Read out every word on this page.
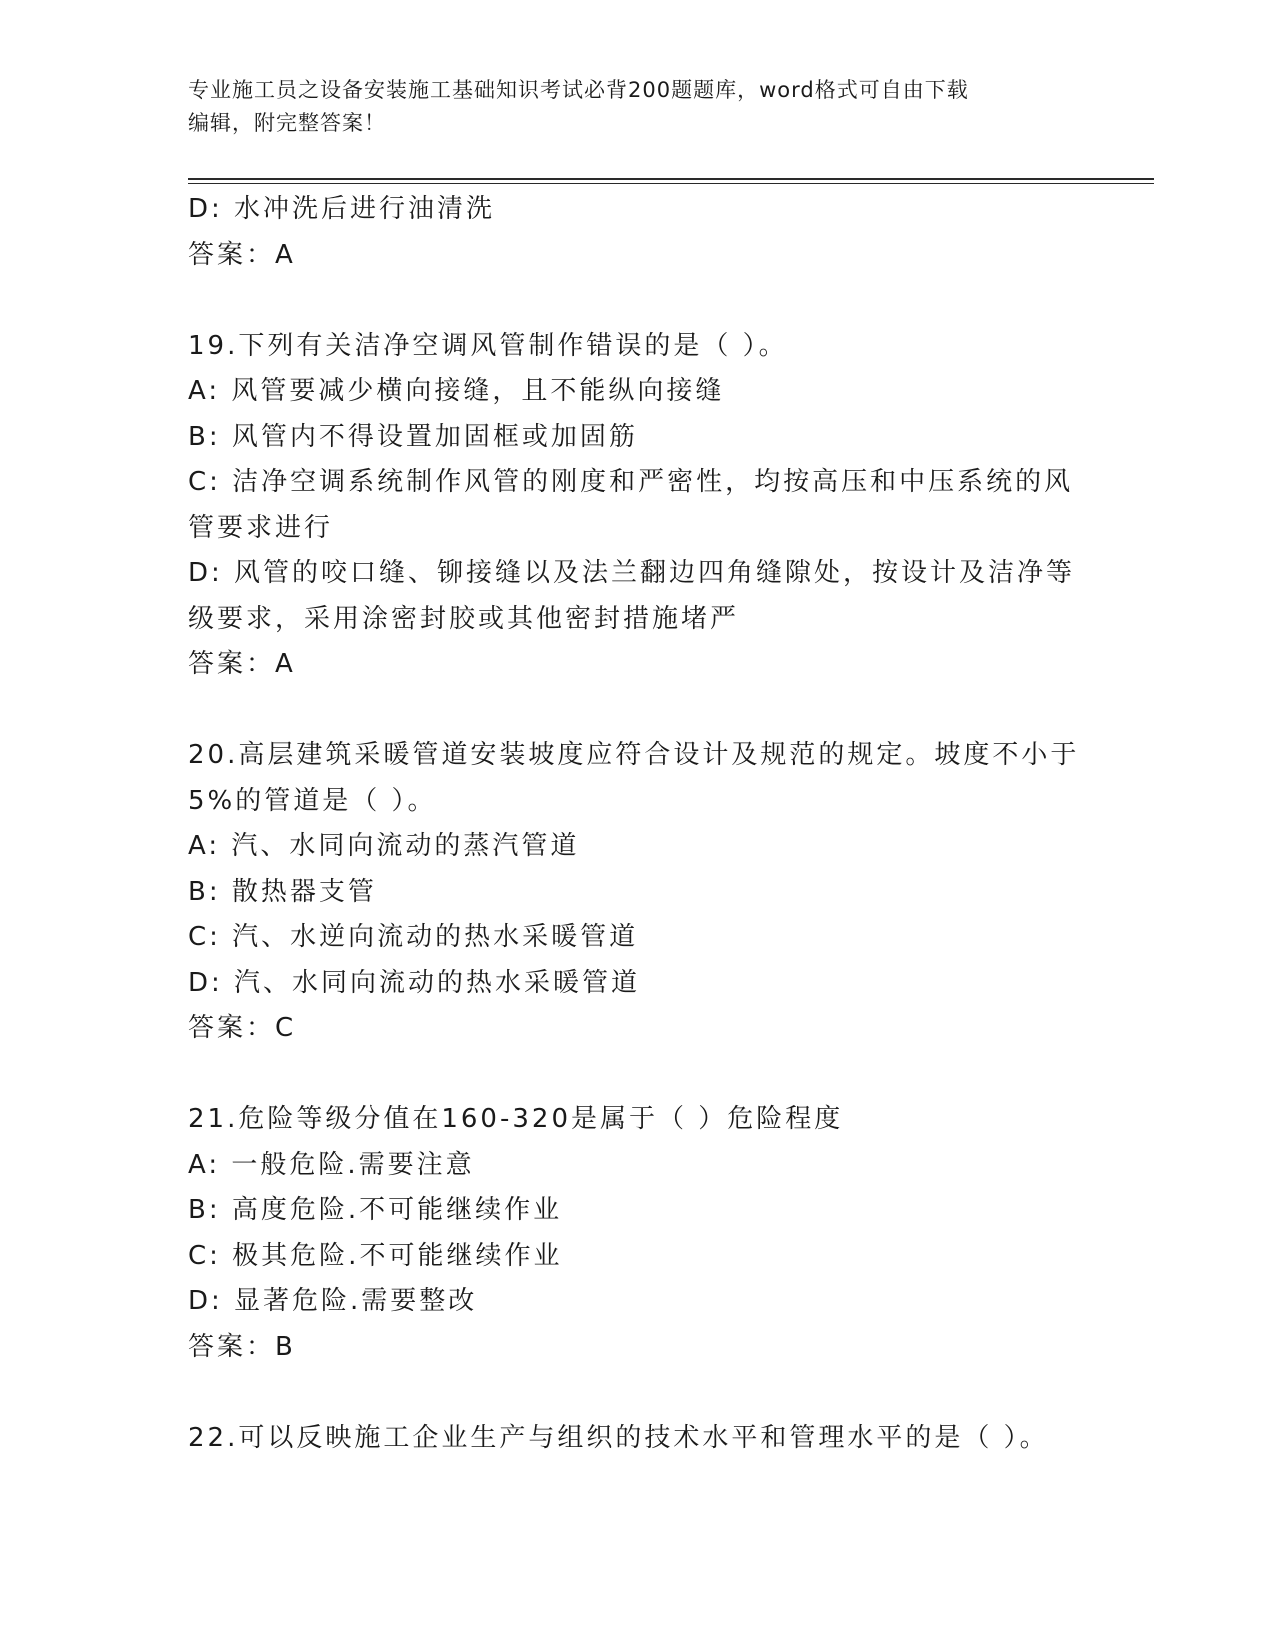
专业施工员之设备安装施工基础知识考试必背200题题库，word格式可自由下载
编辑，附完整答案！
D: 水冲洗后进行油清洗
答案：A
19.下列有关洁净空调风管制作错误的是（ ）。
A: 风管要减少横向接缝，且不能纵向接缝
B: 风管内不得设置加固框或加固筋
C: 洁净空调系统制作风管的刚度和严密性，均按高压和中压系统的风
管要求进行
D: 风管的咬口缝、铆接缝以及法兰翻边四角缝隙处，按设计及洁净等
级要求，采用涂密封胶或其他密封措施堵严
答案：A
20.高层建筑采暖管道安装坡度应符合设计及规范的规定。坡度不小于
5%的管道是（ ）。
A: 汽、水同向流动的蒸汽管道
B: 散热器支管
C: 汽、水逆向流动的热水采暖管道
D: 汽、水同向流动的热水采暖管道
答案：C
21.危险等级分值在160-320是属于（ ）危险程度
A: 一般危险.需要注意
B: 高度危险.不可能继续作业
C: 极其危险.不可能继续作业
D: 显著危险.需要整改
答案：B
22.可以反映施工企业生产与组织的技术水平和管理水平的是（ ）。
